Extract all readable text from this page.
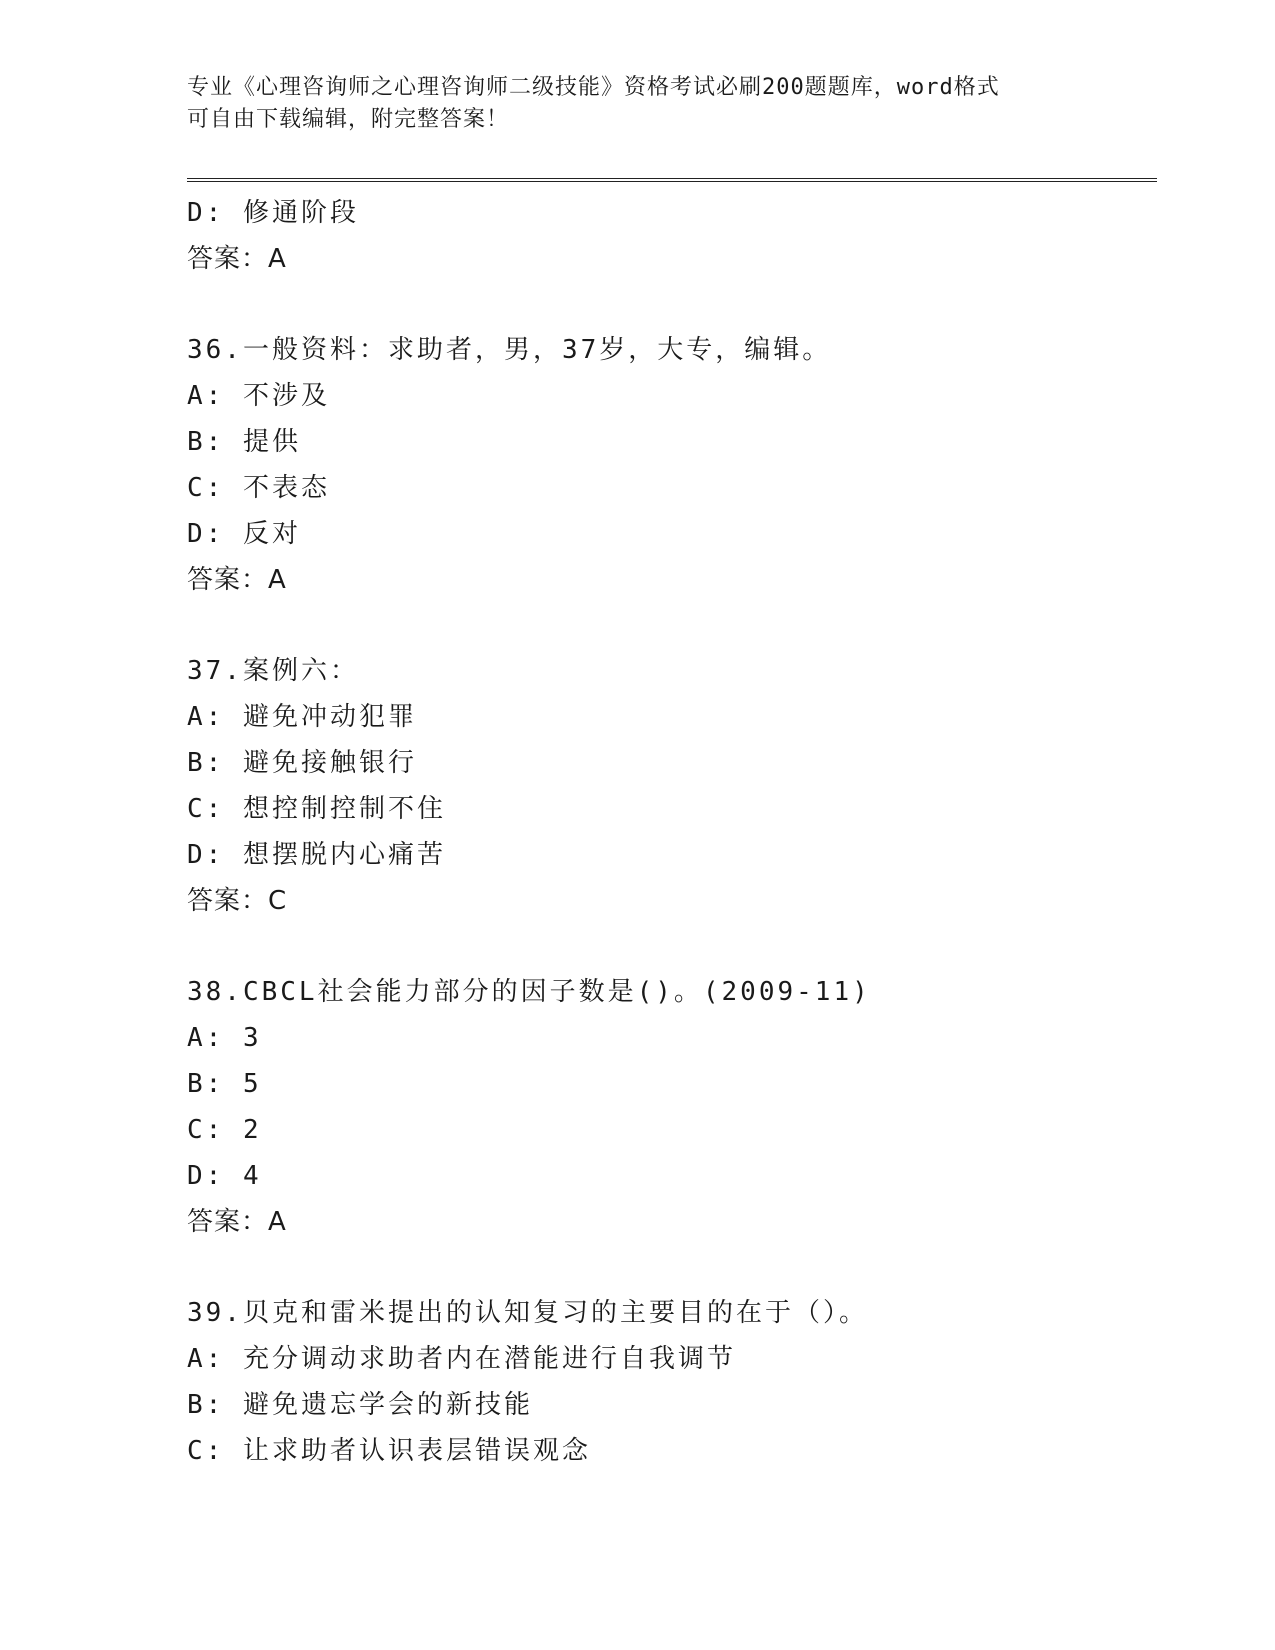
专业《心理咨询师之心理咨询师二级技能》资格考试必刷200题题库，word格式
可自由下载编辑，附完整答案！
D: 修通阶段
答案：A
36.一般资料：求助者，男，37岁，大专，编辑。
A: 不涉及
B: 提供
C: 不表态
D: 反对
答案：A
37.案例六：
A: 避免冲动犯罪
B: 避免接触银行
C: 想控制控制不住
D: 想摆脱内心痛苦
答案：C
38.CBCL社会能力部分的因子数是()。(2009-11)
A: 3
B: 5
C: 2
D: 4
答案：A
39.贝克和雷米提出的认知复习的主要目的在于（）。
A: 充分调动求助者内在潜能进行自我调节
B: 避免遗忘学会的新技能
C: 让求助者认识表层错误观念
